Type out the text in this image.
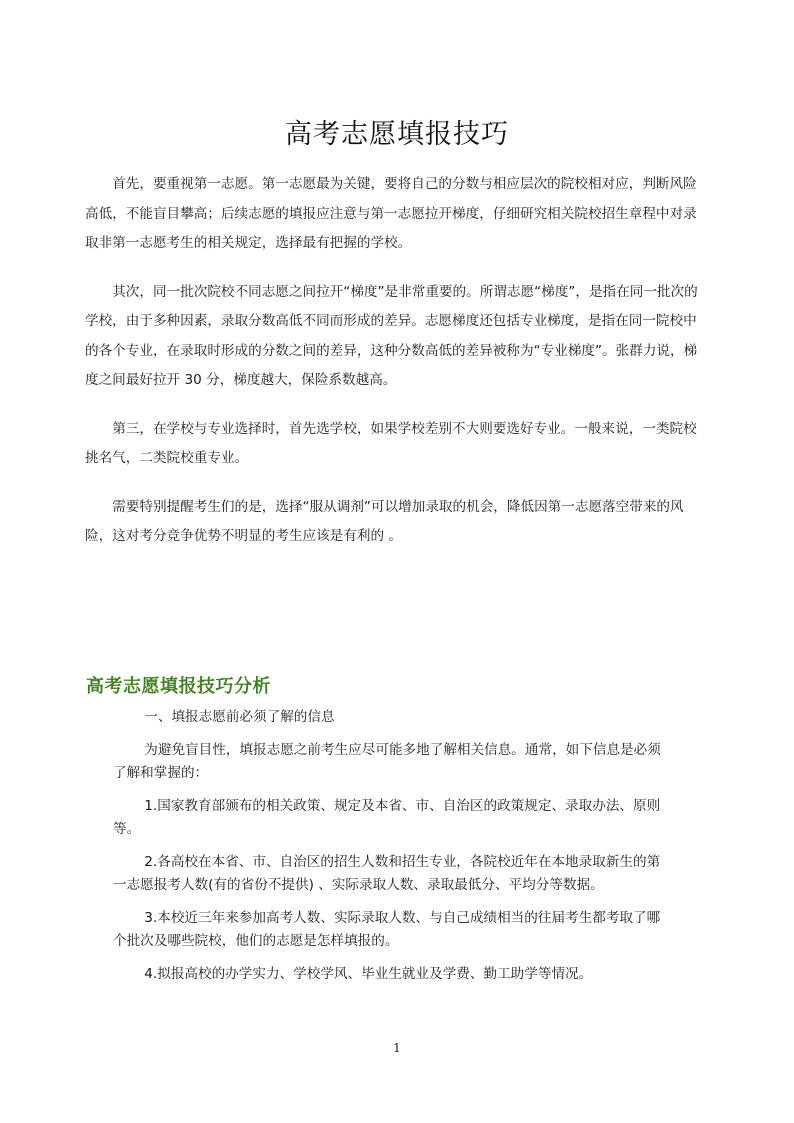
高考志愿填报技巧

首先，要重视第一志愿。第一志愿最为关键，要将自己的分数与相应层次的院校相对应，判断风险高低，不能盲目攀高；后续志愿的填报应注意与第一志愿拉开梯度，仔细研究相关院校招生章程中对录取非第一志愿考生的相关规定，选择最有把握的学校。

其次，同一批次院校不同志愿之间拉开“梯度”是非常重要的。所谓志愿“梯度”，是指在同一批次的学校，由于多种因素，录取分数高低不同而形成的差异。志愿梯度还包括专业梯度，是指在同一院校中的各个专业，在录取时形成的分数之间的差异，这种分数高低的差异被称为“专业梯度”。张群力说，梯度之间最好拉开 30 分，梯度越大，保险系数越高。

第三，在学校与专业选择时，首先选学校，如果学校差别不大则要选好专业。一般来说，一类院校挑名气，二类院校重专业。

需要特别提醒考生们的是，选择“服从调剂”可以增加录取的机会，降低因第一志愿落空带来的风险，这对考分竞争优势不明显的考生应该是有利的 。

高考志愿填报技巧分析

一、填报志愿前必须了解的信息

为避免盲目性，填报志愿之前考生应尽可能多地了解相关信息。通常，如下信息是必须了解和掌握的：

1.国家教育部颁布的相关政策、规定及本省、市、自治区的政策规定、录取办法、原则等。

2.各高校在本省、市、自治区的招生人数和招生专业，各院校近年在本地录取新生的第一志愿报考人数(有的省份不提供) 、实际录取人数、录取最低分、平均分等数据。

3.本校近三年来参加高考人数、实际录取人数、与自己成绩相当的往届考生都考取了哪个批次及哪些院校，他们的志愿是怎样填报的。

4.拟报高校的办学实力、学校学风、毕业生就业及学费、勤工助学等情况。

1
